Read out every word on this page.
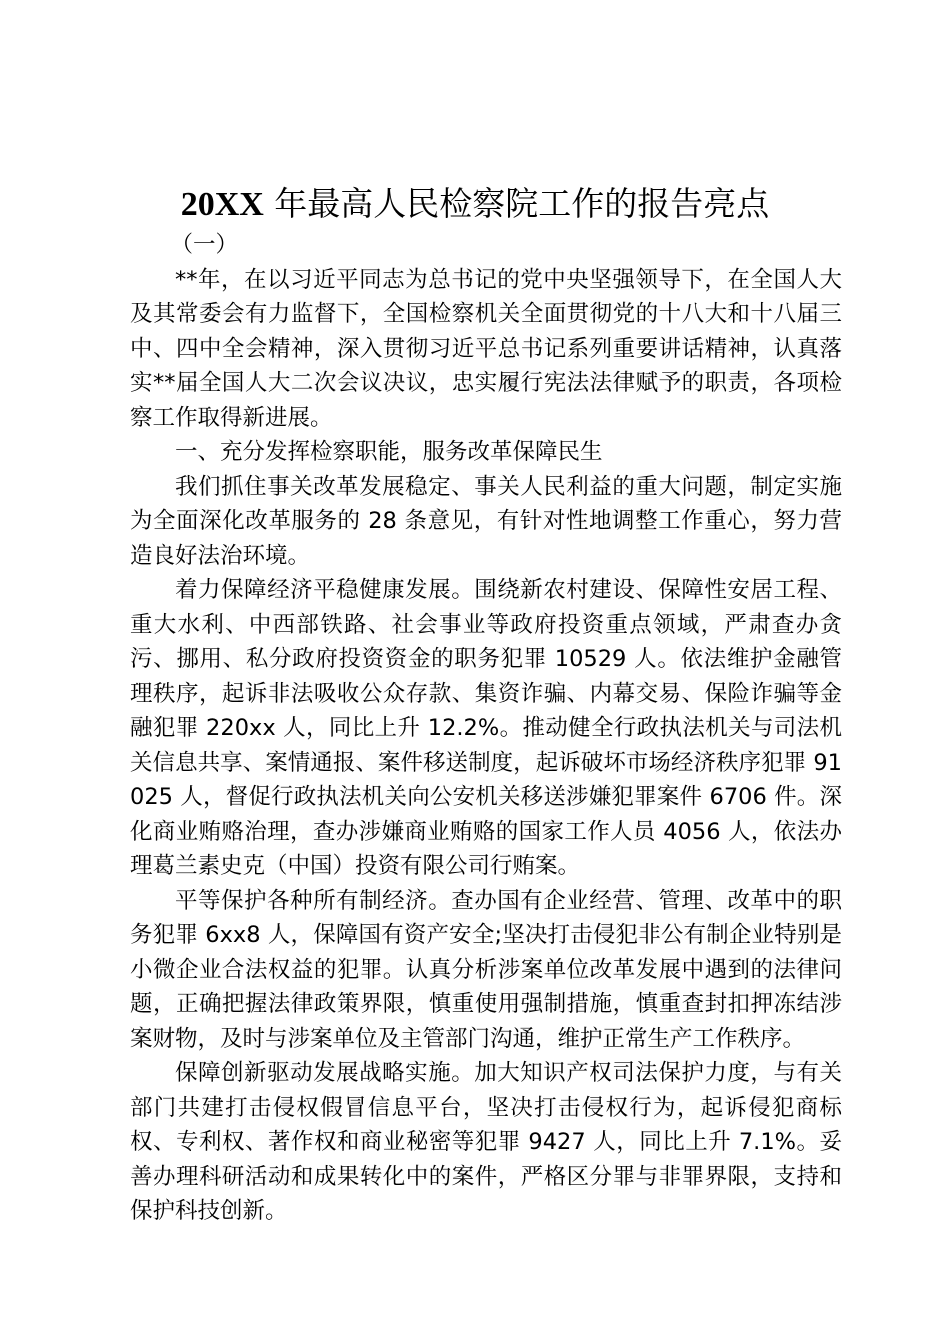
20XX 年最高人民检察院工作的报告亮点

（一）

**年，在以习近平同志为总书记的党中央坚强领导下，在全国人大及其常委会有力监督下，全国检察机关全面贯彻党的十八大和十八届三中、四中全会精神，深入贯彻习近平总书记系列重要讲话精神，认真落实**届全国人大二次会议决议，忠实履行宪法法律赋予的职责，各项检察工作取得新进展。

一、充分发挥检察职能，服务改革保障民生

我们抓住事关改革发展稳定、事关人民利益的重大问题，制定实施为全面深化改革服务的 28 条意见，有针对性地调整工作重心，努力营造良好法治环境。

着力保障经济平稳健康发展。围绕新农村建设、保障性安居工程、重大水利、中西部铁路、社会事业等政府投资重点领域，严肃查办贪污、挪用、私分政府投资资金的职务犯罪 10529 人。依法维护金融管理秩序，起诉非法吸收公众存款、集资诈骗、内幕交易、保险诈骗等金融犯罪 220xx 人，同比上升 12.2%。推动健全行政执法机关与司法机关信息共享、案情通报、案件移送制度，起诉破坏市场经济秩序犯罪 91025 人，督促行政执法机关向公安机关移送涉嫌犯罪案件 6706 件。深化商业贿赂治理，查办涉嫌商业贿赂的国家工作人员 4056 人，依法办理葛兰素史克（中国）投资有限公司行贿案。

平等保护各种所有制经济。查办国有企业经营、管理、改革中的职务犯罪 6xx8 人，保障国有资产安全;坚决打击侵犯非公有制企业特别是小微企业合法权益的犯罪。认真分析涉案单位改革发展中遇到的法律问题，正确把握法律政策界限，慎重使用强制措施，慎重查封扣押冻结涉案财物，及时与涉案单位及主管部门沟通，维护正常生产工作秩序。

保障创新驱动发展战略实施。加大知识产权司法保护力度，与有关部门共建打击侵权假冒信息平台，坚决打击侵权行为，起诉侵犯商标权、专利权、著作权和商业秘密等犯罪 9427 人，同比上升 7.1%。妥善办理科研活动和成果转化中的案件，严格区分罪与非罪界限，支持和保护科技创新。
